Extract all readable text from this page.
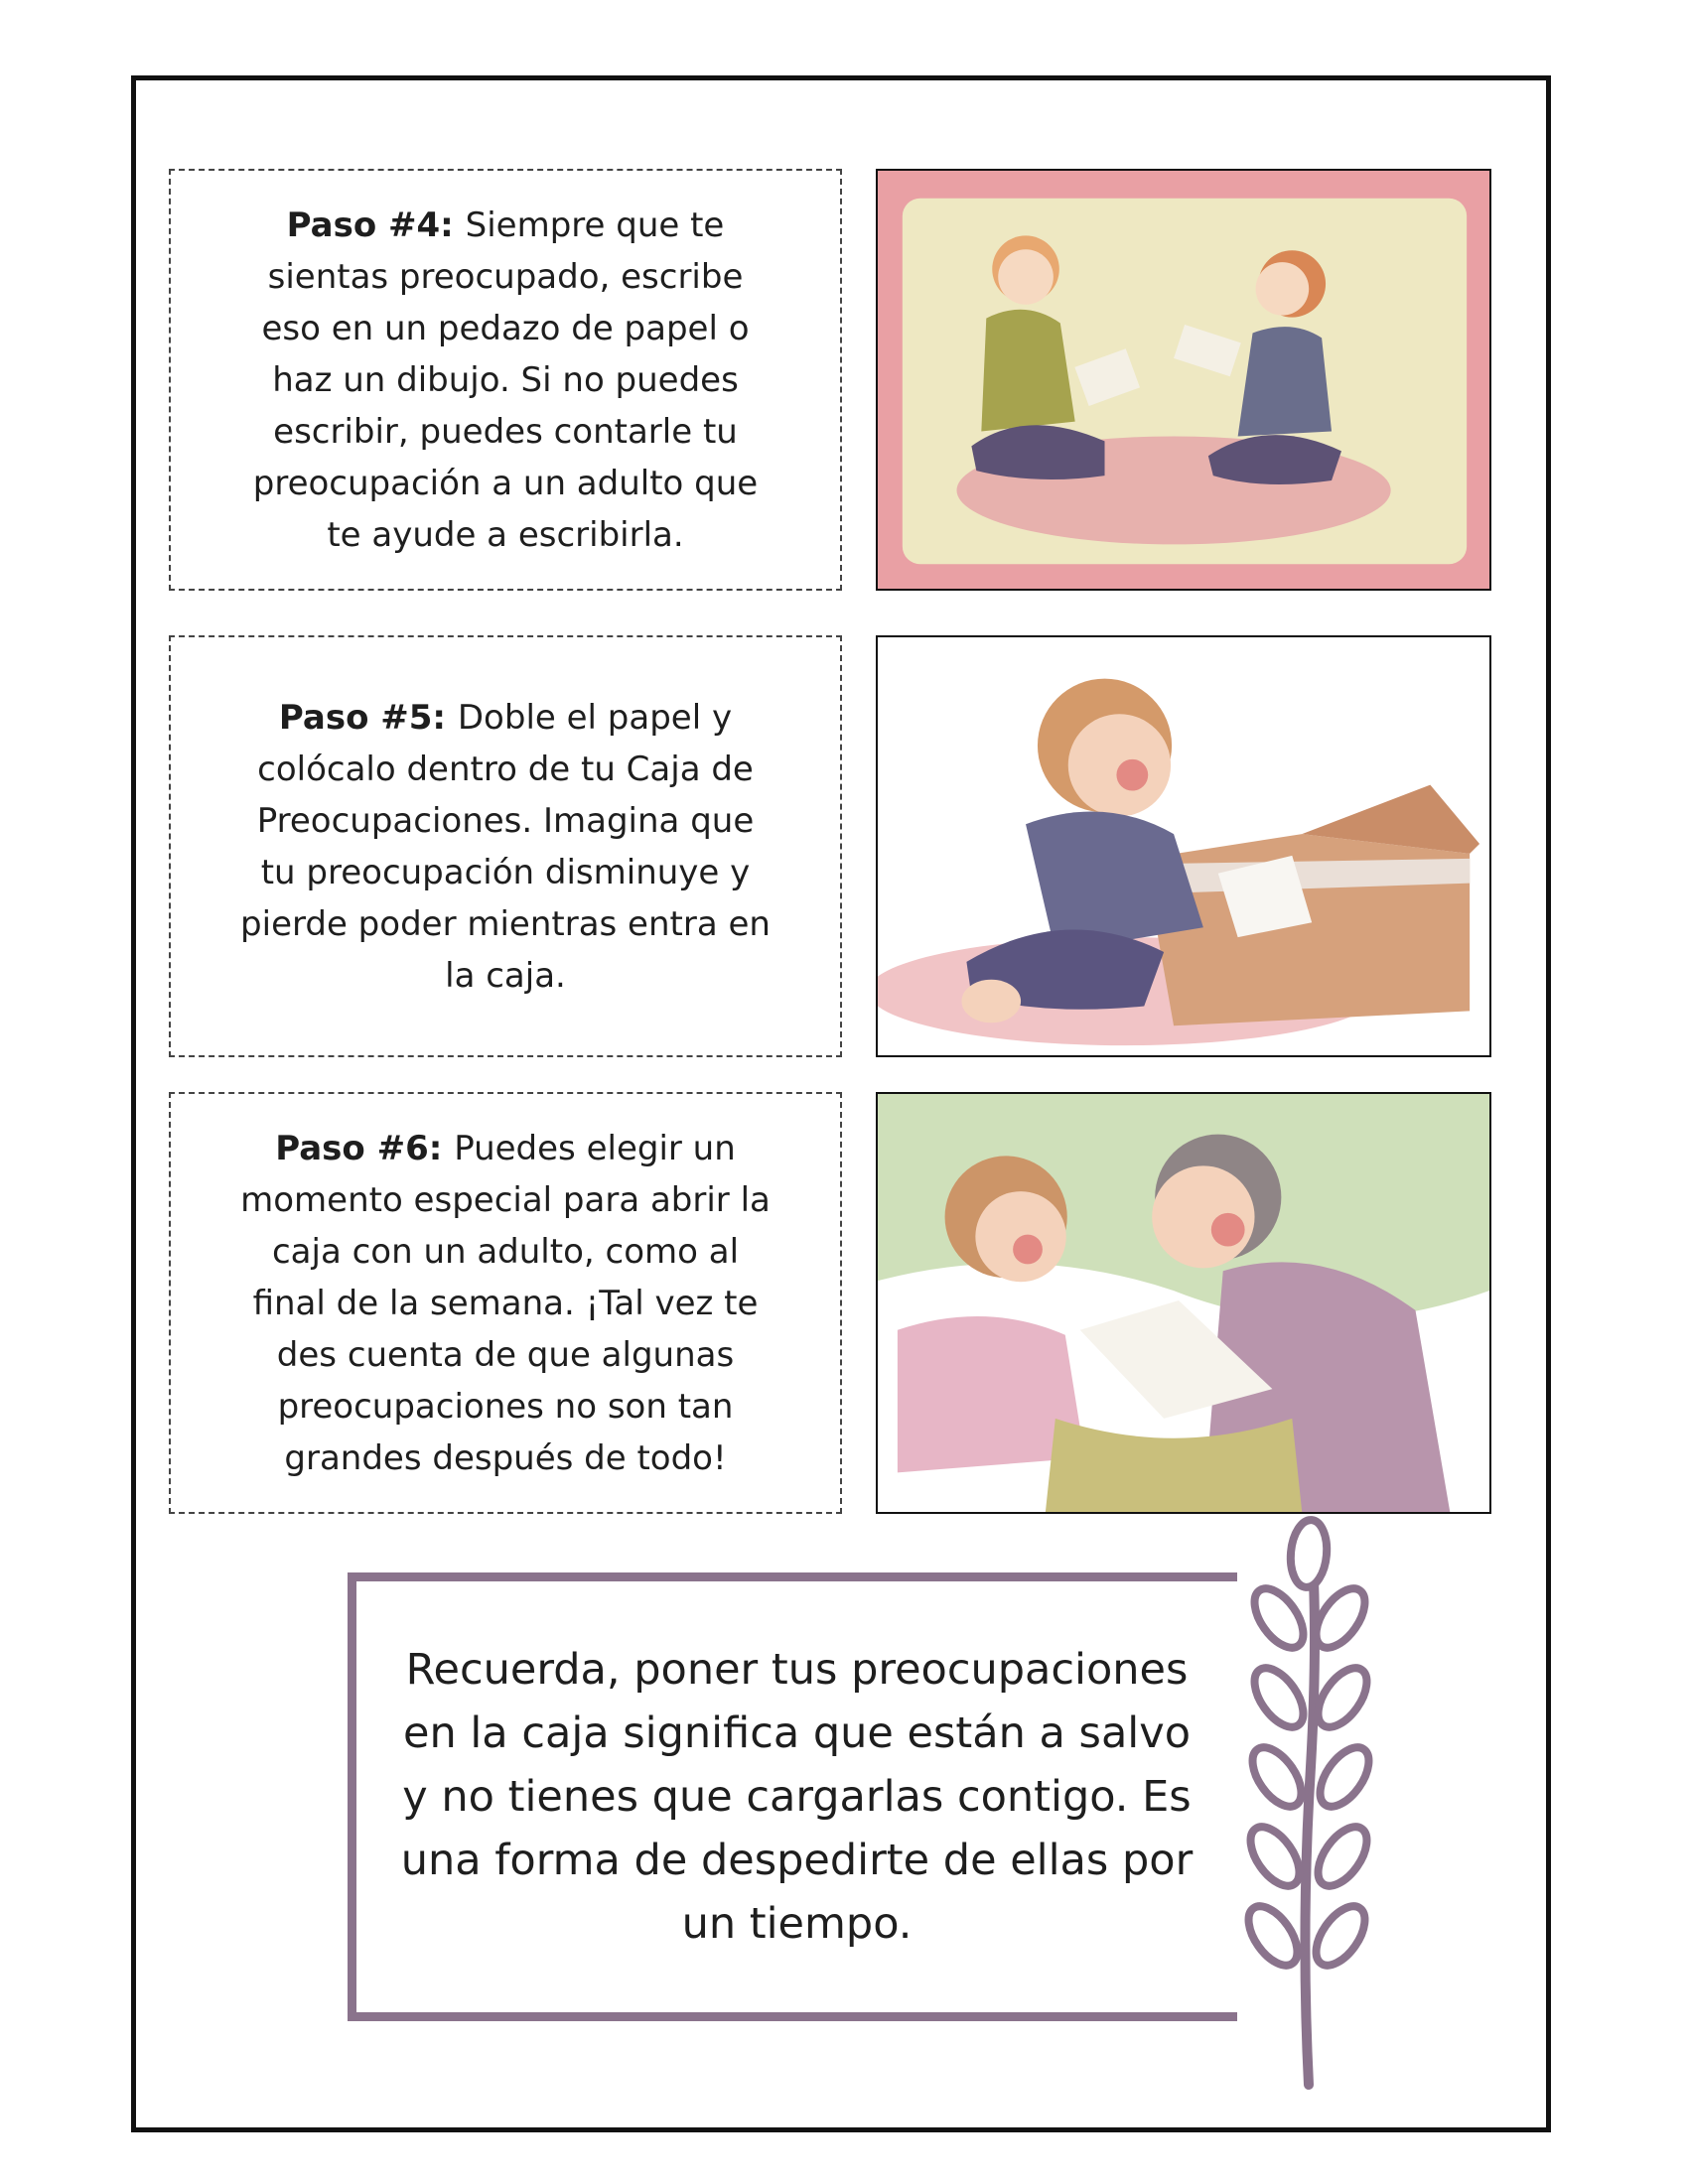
Paso #4: Siempre que te sientas preocupado, escribe eso en un pedazo de papel o haz un dibujo. Si no puedes escribir, puedes contarle tu preocupación a un adulto que te ayude a escribirla.
Paso #5: Doble el papel y colócalo dentro de tu Caja de Preocupaciones. Imagina que tu preocupación disminuye y pierde poder mientras entra en la caja.
Paso #6: Puedes elegir un momento especial para abrir la caja con un adulto, como al final de la semana. ¡Tal vez te des cuenta de que algunas preocupaciones no son tan grandes después de todo!
Recuerda, poner tus preocupaciones en la caja significa que están a salvo y no tienes que cargarlas contigo. Es una forma de despedirte de ellas por un tiempo.
